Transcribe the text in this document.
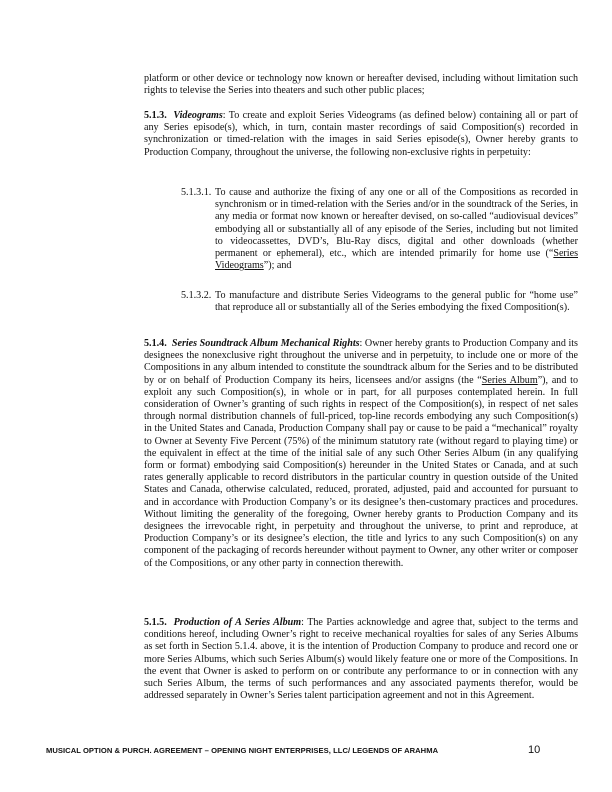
platform or other device or technology now known or hereafter devised, including without limitation such rights to televise the Series into theaters and such other public places;

5.1.3. Videograms: To create and exploit Series Videograms (as defined below) containing all or part of any Series episode(s), which, in turn, contain master recordings of said Composition(s) recorded in synchronization or timed-relation with the images in said Series episode(s), Owner hereby grants to Production Company, throughout the universe, the following non-exclusive rights in perpetuity:

5.1.3.1. To cause and authorize the fixing of any one or all of the Compositions as recorded in synchronism or in timed-relation with the Series and/or in the soundtrack of the Series, in any media or format now known or hereafter devised, on so-called “audiovisual devices” embodying all or substantially all of any episode of the Series, including but not limited to videocassettes, DVD’s, Blu-Ray discs, digital and other downloads (whether permanent or ephemeral), etc., which are intended primarily for home use (“Series Videograms”); and
5.1.3.2. To manufacture and distribute Series Videograms to the general public for “home use” that reproduce all or substantially all of the Series embodying the fixed Composition(s).

5.1.4. Series Soundtrack Album Mechanical Rights: Owner hereby grants to Production Company and its designees the nonexclusive right throughout the universe and in perpetuity, to include one or more of the Compositions in any album intended to constitute the soundtrack album for the Series and to be distributed by or on behalf of Production Company its heirs, licensees and/or assigns (the “Series Album”), and to exploit any such Composition(s), in whole or in part, for all purposes contemplated herein. In full consideration of Owner’s granting of such rights in respect of the Composition(s), in respect of net sales through normal distribution channels of full-priced, top-line records embodying any such Composition(s) in the United States and Canada, Production Company shall pay or cause to be paid a “mechanical” royalty to Owner at Seventy Five Percent (75%) of the minimum statutory rate (without regard to playing time) or the equivalent in effect at the time of the initial sale of any such Other Series Album (in any qualifying form or format) embodying said Composition(s) hereunder in the United States or Canada, and at such rates generally applicable to record distributors in the particular country in question outside of the United States and Canada, otherwise calculated, reduced, prorated, adjusted, paid and accounted for pursuant to and in accordance with Production Company’s or its designee’s then-customary practices and procedures. Without limiting the generality of the foregoing, Owner hereby grants to Production Company and its designees the irrevocable right, in perpetuity and throughout the universe, to print and reproduce, at Production Company’s or its designee’s election, the title and lyrics to any such Composition(s) on any component of the packaging of records hereunder without payment to Owner, any other writer or composer of the Compositions, or any other party in connection therewith.

5.1.5. Production of A Series Album: The Parties acknowledge and agree that, subject to the terms and conditions hereof, including Owner’s right to receive mechanical royalties for sales of any Series Albums as set forth in Section 5.1.4. above, it is the intention of Production Company to produce and record one or more Series Albums, which such Series Album(s) would likely feature one or more of the Compositions. In the event that Owner is asked to perform on or contribute any performance to or in connection with any such Series Album, the terms of such performances and any associated payments therefor, would be addressed separately in Owner’s Series talent participation agreement and not in this Agreement.

MUSICAL OPTION & PURCH. AGREEMENT – OPENING NIGHT ENTERPRISES, LLC/ LEGENDS OF ARAHMA	10
